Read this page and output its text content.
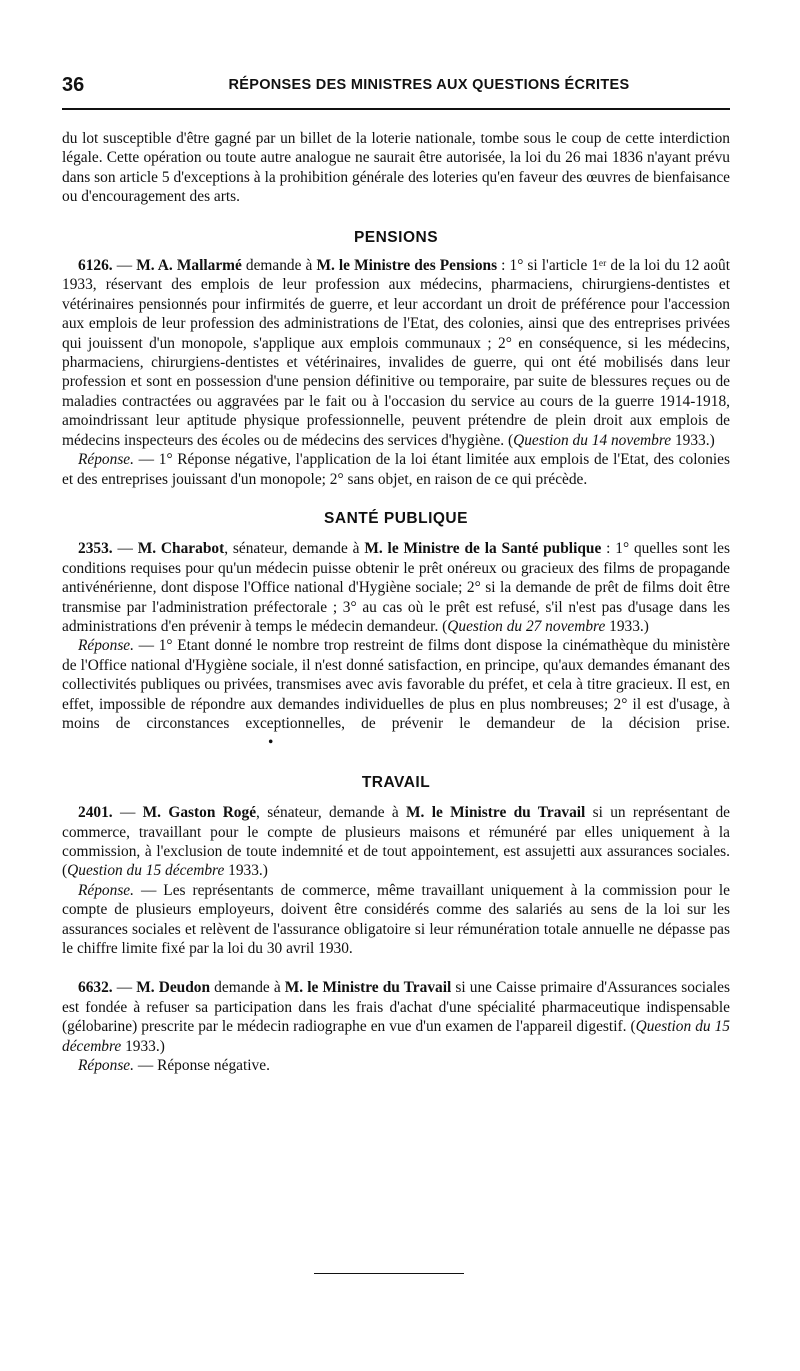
36	RÉPONSES DES MINISTRES AUX QUESTIONS ÉCRITES

du lot susceptible d'être gagné par un billet de la loterie nationale, tombe sous le coup de cette interdiction légale. Cette opération ou toute autre analogue ne saurait être autorisée, la loi du 26 mai 1836 n'ayant prévu dans son article 5 d'exceptions à la prohibition générale des loteries qu'en faveur des œuvres de bienfaisance ou d'encouragement des arts.

PENSIONS

6126. — M. A. Mallarmé demande à M. le Ministre des Pensions : 1° si l'article 1ᵉʳ de la loi du 12 août 1933, réservant des emplois de leur profession aux médecins, pharmaciens, chirurgiens-dentistes et vétérinaires pensionnés pour infirmités de guerre, et leur accordant un droit de préférence pour l'accession aux emplois de leur profession des administrations de l'Etat, des colonies, ainsi que des entreprises privées qui jouissent d'un monopole, s'applique aux emplois communaux ; 2° en conséquence, si les médecins, pharmaciens, chirurgiens-dentistes et vétérinaires, invalides de guerre, qui ont été mobilisés dans leur profession et sont en possession d'une pension définitive ou temporaire, par suite de blessures reçues ou de maladies contractées ou aggravées par le fait ou à l'occasion du service au cours de la guerre 1914-1918, amoindrissant leur aptitude physique professionnelle, peuvent prétendre de plein droit aux emplois de médecins inspecteurs des écoles ou de médecins des services d'hygiène. (Question du 14 novembre 1933.)

Réponse. — 1° Réponse négative, l'application de la loi étant limitée aux emplois de l'Etat, des colonies et des entreprises jouissant d'un monopole; 2° sans objet, en raison de ce qui précède.

SANTÉ PUBLIQUE

2353. — M. Charabot, sénateur, demande à M. le Ministre de la Santé publique : 1° quelles sont les conditions requises pour qu'un médecin puisse obtenir le prêt onéreux ou gracieux des films de propagande antivénérienne, dont dispose l'Office national d'Hygiène sociale; 2° si la demande de prêt de films doit être transmise par l'administration préfectorale ; 3° au cas où le prêt est refusé, s'il n'est pas d'usage dans les administrations d'en prévenir à temps le médecin demandeur. (Question du 27 novembre 1933.)

Réponse. — 1° Etant donné le nombre trop restreint de films dont dispose la cinémathèque du ministère de l'Office national d'Hygiène sociale, il n'est donné satisfaction, en principe, qu'aux demandes émanant des collectivités publiques ou privées, transmises avec avis favorable du préfet, et cela à titre gracieux. Il est, en effet, impossible de répondre aux demandes individuelles de plus en plus nombreuses; 2° il est d'usage, à moins de circonstances exceptionnelles, de prévenir le demandeur de la décision prise.•

TRAVAIL

2401. — M. Gaston Rogé, sénateur, demande à M. le Ministre du Travail si un représentant de commerce, travaillant pour le compte de plusieurs maisons et rémunéré par elles uniquement à la commission, à l'exclusion de toute indemnité et de tout appointement, est assujetti aux assurances sociales. (Question du 15 décembre 1933.)

Réponse. — Les représentants de commerce, même travaillant uniquement à la commission pour le compte de plusieurs employeurs, doivent être considérés comme des salariés au sens de la loi sur les assurances sociales et relèvent de l'assurance obligatoire si leur rémunération totale annuelle ne dépasse pas le chiffre limite fixé par la loi du 30 avril 1930.

6632. — M. Deudon demande à M. le Ministre du Travail si une Caisse primaire d'Assurances sociales est fondée à refuser sa participation dans les frais d'achat d'une spécialité pharmaceutique indispensable (gélobarine) prescrite par le médecin radiographe en vue d'un examen de l'appareil digestif. (Question du 15 décembre 1933.)

Réponse. — Réponse négative.
